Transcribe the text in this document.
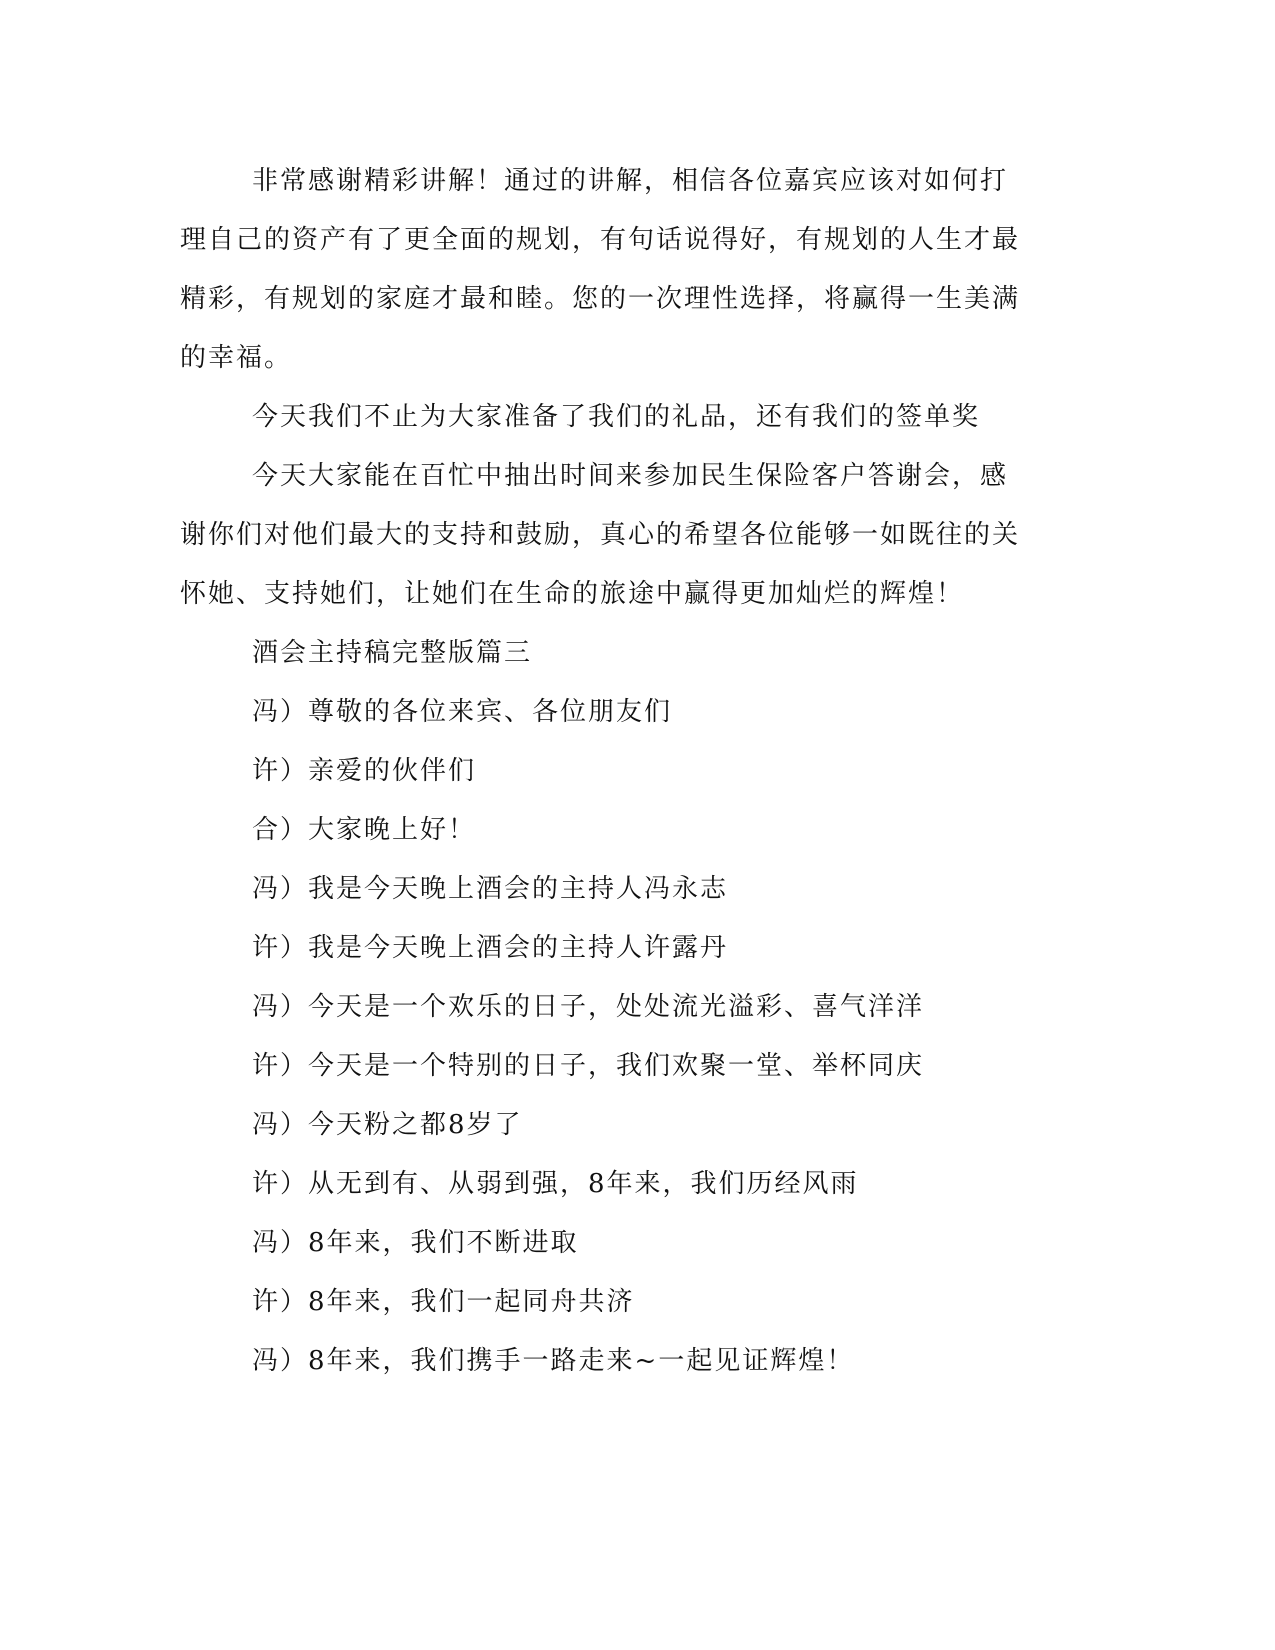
非常感谢精彩讲解！通过的讲解，相信各位嘉宾应该对如何打理自己的资产有了更全面的规划，有句话说得好，有规划的人生才最精彩，有规划的家庭才最和睦。您的一次理性选择，将赢得一生美满的幸福。

今天我们不止为大家准备了我们的礼品，还有我们的签单奖

今天大家能在百忙中抽出时间来参加民生保险客户答谢会，感谢你们对他们最大的支持和鼓励，真心的希望各位能够一如既往的关怀她、支持她们，让她们在生命的旅途中赢得更加灿烂的辉煌！

酒会主持稿完整版篇三

冯）尊敬的各位来宾、各位朋友们

许）亲爱的伙伴们

合）大家晚上好！

冯）我是今天晚上酒会的主持人冯永志

许）我是今天晚上酒会的主持人许露丹

冯）今天是一个欢乐的日子，处处流光溢彩、喜气洋洋

许）今天是一个特别的日子，我们欢聚一堂、举杯同庆

冯）今天粉之都8岁了

许）从无到有、从弱到强，8年来，我们历经风雨

冯）8年来，我们不断进取

许）8年来，我们一起同舟共济

冯）8年来，我们携手一路走来~一起见证辉煌！
